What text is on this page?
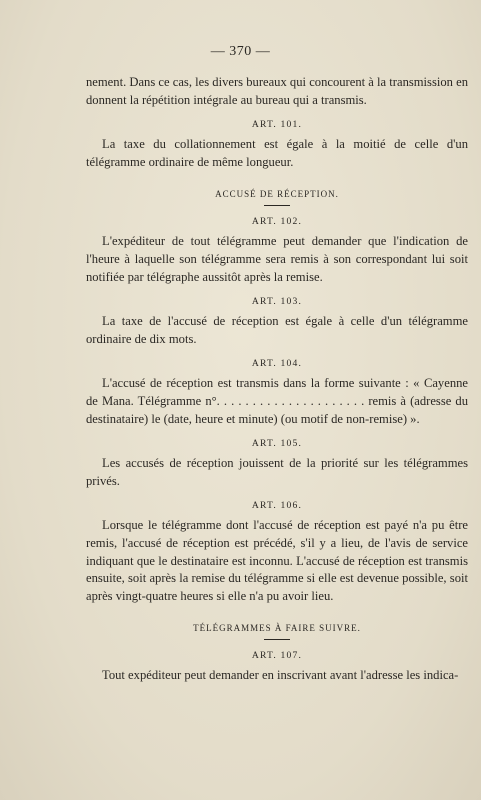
— 370 —

nement. Dans ce cas, les divers bureaux qui concourent à la transmission en donnent la répétition intégrale au bureau qui a transmis.

ART. 101.

La taxe du collationnement est égale à la moitié de celle d'un télégramme ordinaire de même longueur.

ACCUSÉ DE RÉCEPTION.
ART. 102.

L'expéditeur de tout télégramme peut demander que l'indication de l'heure à laquelle son télégramme sera remis à son correspondant lui soit notifiée par télégraphe aussitôt après la remise.

ART. 103.

La taxe de l'accusé de réception est égale à celle d'un télégramme ordinaire de dix mots.

ART. 104.

L'accusé de réception est transmis dans la forme suivante : « Cayenne de Mana. Télégramme n°. . . . . . . . . . . . . . . . . . . . . remis à (adresse du destinataire) le (date, heure et minute) (ou motif de non-remise) ».

ART. 105.

Les accusés de réception jouissent de la priorité sur les télégrammes privés.

ART. 106.

Lorsque le télégramme dont l'accusé de réception est payé n'a pu être remis, l'accusé de réception est précédé, s'il y a lieu, de l'avis de service indiquant que le destinataire est inconnu. L'accusé de réception est transmis ensuite, soit après la remise du télégramme si elle est devenue possible, soit après vingt-quatre heures si elle n'a pu avoir lieu.

TÉLÉGRAMMES À FAIRE SUIVRE.
ART. 107.

Tout expéditeur peut demander en inscrivant avant l'adresse les indica-
